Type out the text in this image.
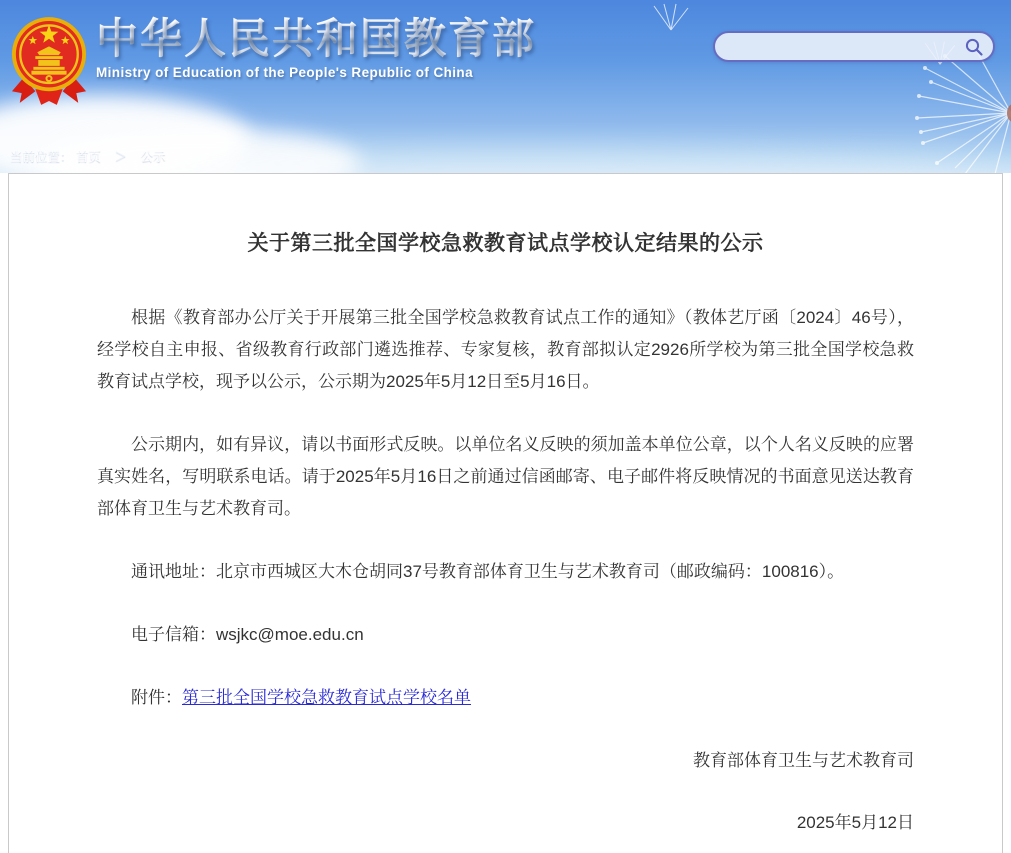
中华人民共和国教育部
Ministry of Education of the People's Republic of China
当前位置： 首页 ＞ 公示
关于第三批全国学校急救教育试点学校认定结果的公示

根据《教育部办公厅关于开展第三批全国学校急救教育试点工作的通知》（教体艺厅函〔2024〕46号），经学校自主申报、省级教育行政部门遴选推荐、专家复核，教育部拟认定2926所学校为第三批全国学校急救教育试点学校，现予以公示，公示期为2025年5月12日至5月16日。

公示期内，如有异议，请以书面形式反映。以单位名义反映的须加盖本单位公章，以个人名义反映的应署真实姓名，写明联系电话。请于2025年5月16日之前通过信函邮寄、电子邮件将反映情况的书面意见送达教育部体育卫生与艺术教育司。

通讯地址：北京市西城区大木仓胡同37号教育部体育卫生与艺术教育司（邮政编码：100816）。

电子信箱：wsjkc@moe.edu.cn

附件：第三批全国学校急救教育试点学校名单

教育部体育卫生与艺术教育司
2025年5月12日
